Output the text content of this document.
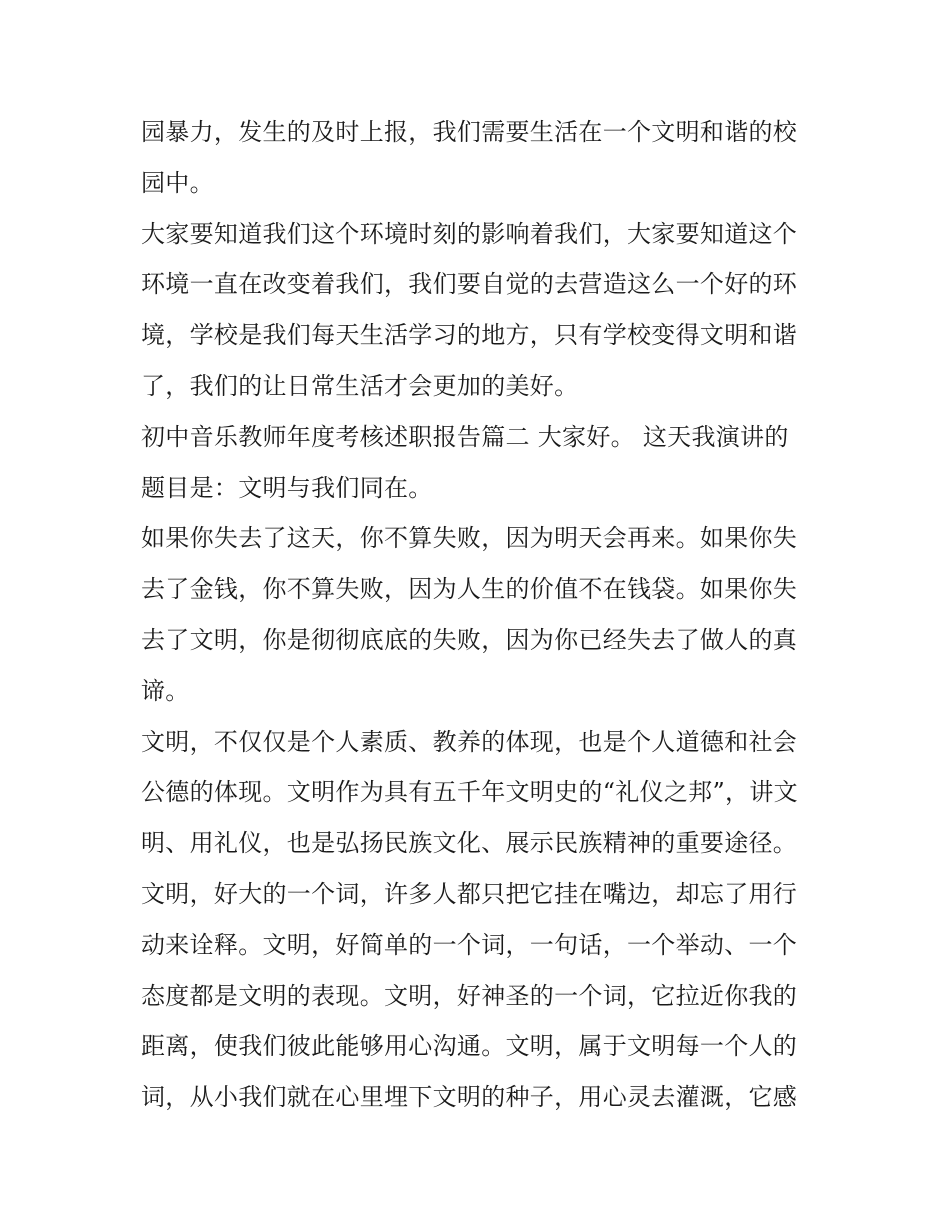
园暴力，发生的及时上报，我们需要生活在一个文明和谐的校
园中。
大家要知道我们这个环境时刻的影响着我们，大家要知道这个
环境一直在改变着我们，我们要自觉的去营造这么一个好的环
境，学校是我们每天生活学习的地方，只有学校变得文明和谐
了，我们的让日常生活才会更加的美好。
初中音乐教师年度考核述职报告篇二 大家好。 这天我演讲的
题目是：文明与我们同在。
如果你失去了这天，你不算失败，因为明天会再来。如果你失
去了金钱，你不算失败，因为人生的价值不在钱袋。如果你失
去了文明，你是彻彻底底的失败，因为你已经失去了做人的真
谛。
文明，不仅仅是个人素质、教养的体现，也是个人道德和社会
公德的体现。文明作为具有五千年文明史的“礼仪之邦”，讲文
明、用礼仪，也是弘扬民族文化、展示民族精神的重要途径。
文明，好大的一个词，许多人都只把它挂在嘴边，却忘了用行
动来诠释。文明，好简单的一个词，一句话，一个举动、一个
态度都是文明的表现。文明，好神圣的一个词，它拉近你我的
距离，使我们彼此能够用心沟通。文明，属于文明每一个人的
词，从小我们就在心里埋下文明的种子，用心灵去灌溉，它感
